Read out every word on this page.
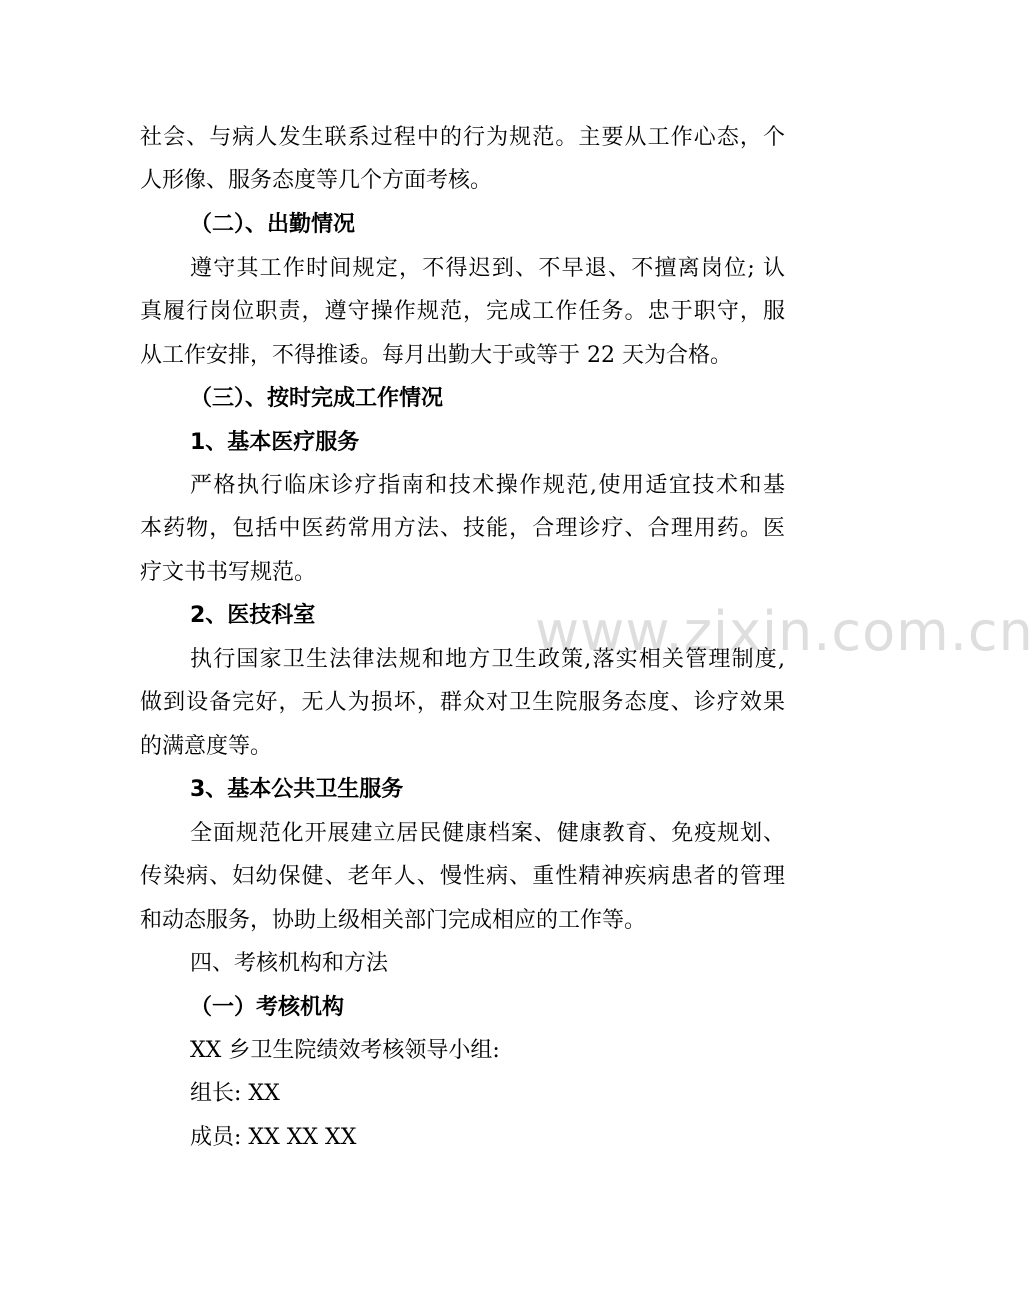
www.zixin.com.cn
社会、与病人发生联系过程中的行为规范。主要从工作心态，个
人形像、服务态度等几个方面考核。
（二）、出勤情况
遵守其工作时间规定，不得迟到、不早退、不擅离岗位; 认
真履行岗位职责，遵守操作规范，完成工作任务。忠于职守，服
从工作安排，不得推诿。每月出勤大于或等于 22 天为合格。
（三）、按时完成工作情况
1、基本医疗服务
严格执行临床诊疗指南和技术操作规范,使用适宜技术和基
本药物，包括中医药常用方法、技能，合理诊疗、合理用药。医
疗文书书写规范。
2、医技科室
执行国家卫生法律法规和地方卫生政策,落实相关管理制度,
做到设备完好，无人为损坏，群众对卫生院服务态度、诊疗效果
的满意度等。
3、基本公共卫生服务
全面规范化开展建立居民健康档案、健康教育、免疫规划、
传染病、妇幼保健、老年人、慢性病、重性精神疾病患者的管理
和动态服务，协助上级相关部门完成相应的工作等。
四、考核机构和方法
（一）考核机构
XX 乡卫生院绩效考核领导小组:
组长: XX
成员: XX XX XX
